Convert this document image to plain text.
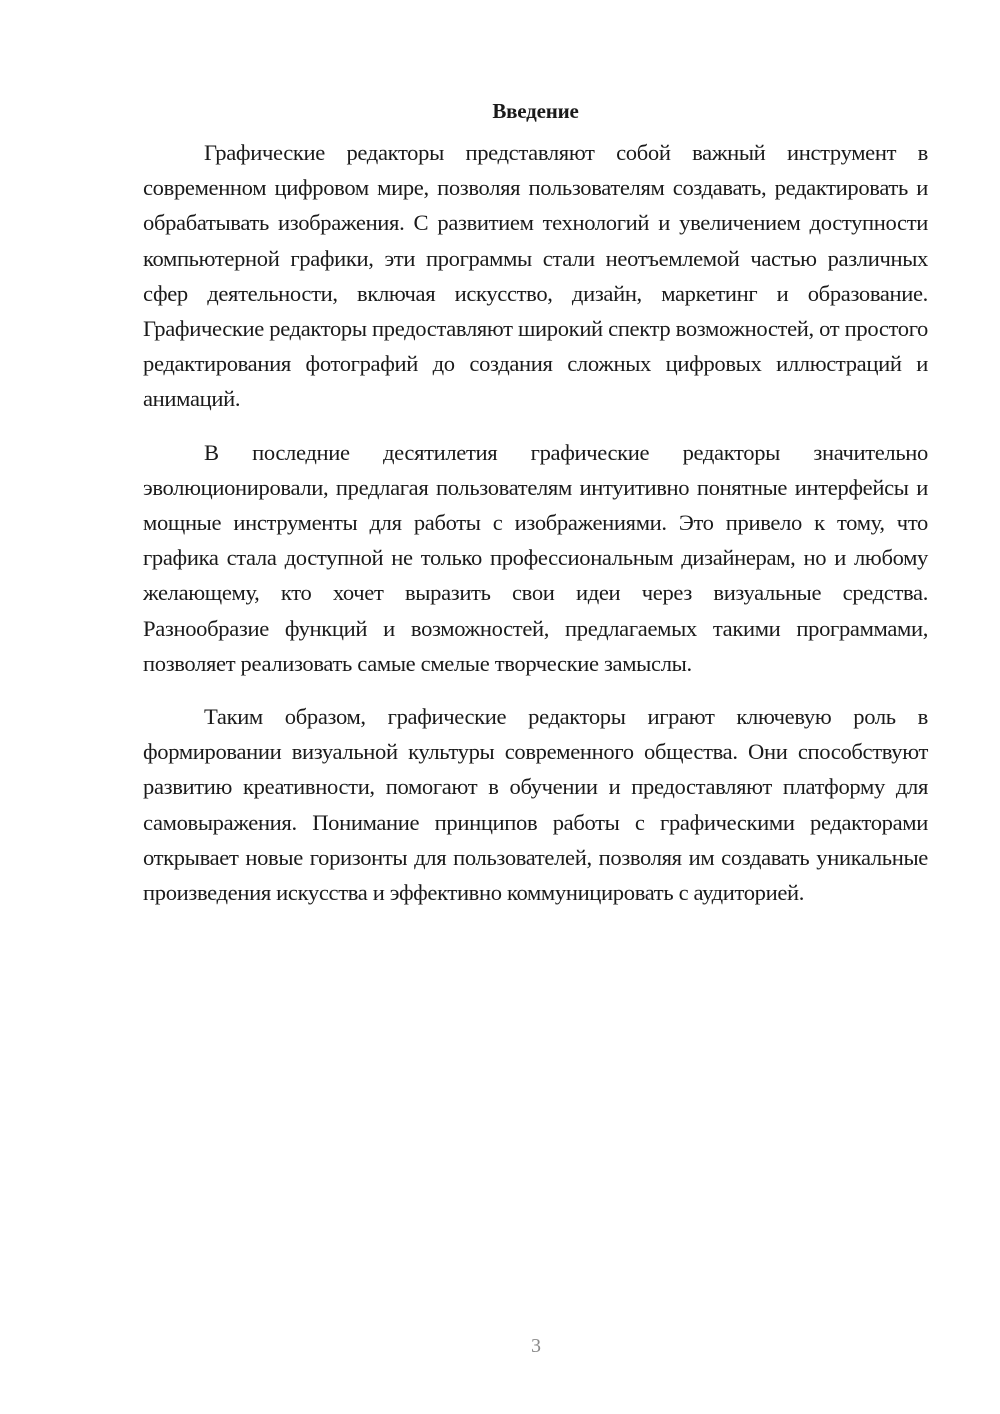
Введение

Графические редакторы представляют собой важный инструмент в современном цифровом мире, позволяя пользователям создавать, редактировать и обрабатывать изображения. С развитием технологий и увеличением доступности компьютерной графики, эти программы стали неотъемлемой частью различных сфер деятельности, включая искусство, дизайн, маркетинг и образование. Графические редакторы предоставляют широкий спектр возможностей, от простого редактирования фотографий до создания сложных цифровых иллюстраций и анимаций.

В последние десятилетия графические редакторы значительно эволюционировали, предлагая пользователям интуитивно понятные интерфейсы и мощные инструменты для работы с изображениями. Это привело к тому, что графика стала доступной не только профессиональным дизайнерам, но и любому желающему, кто хочет выразить свои идеи через визуальные средства. Разнообразие функций и возможностей, предлагаемых такими программами, позволяет реализовать самые смелые творческие замыслы.

Таким образом, графические редакторы играют ключевую роль в формировании визуальной культуры современного общества. Они способствуют развитию креативности, помогают в обучении и предоставляют платформу для самовыражения. Понимание принципов работы с графическими редакторами открывает новые горизонты для пользователей, позволяя им создавать уникальные произведения искусства и эффективно коммуницировать с аудиторией.

3
